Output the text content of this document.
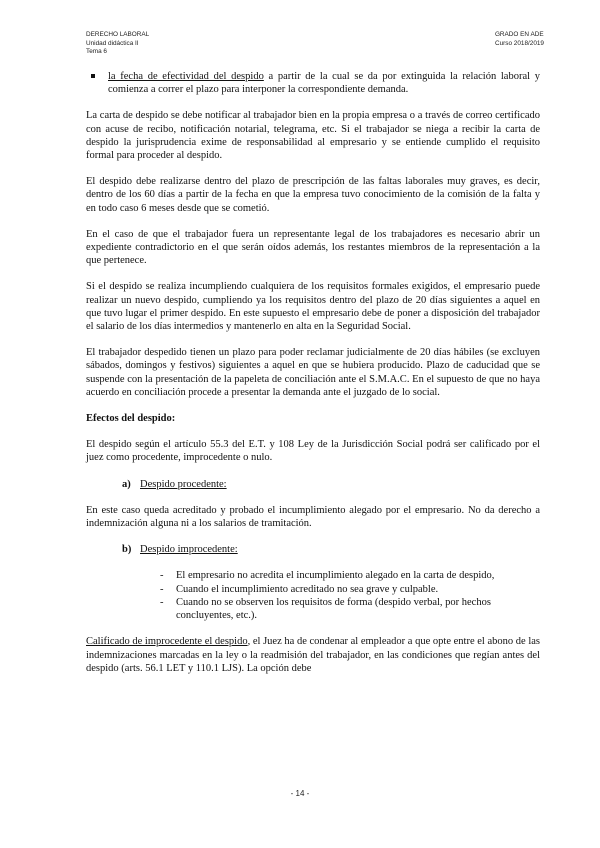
DERECHO LABORAL
Unidad didáctica II
Tema 6
GRADO EN ADE
Curso 2018/2019
la fecha de efectividad del despido a partir de la cual se da por extinguida la relación laboral y comienza a correr el plazo para interponer la correspondiente demanda.

La carta de despido se debe notificar al trabajador bien en la propia empresa o a través de correo certificado con acuse de recibo, notificación notarial, telegrama, etc. Si el trabajador se niega a recibir la carta de despido la jurisprudencia exime de responsabilidad al empresario y se entiende cumplido el requisito formal para proceder al despido.

El despido debe realizarse dentro del plazo de prescripción de las faltas laborales muy graves, es decir, dentro de los 60 días a partir de la fecha en que la empresa tuvo conocimiento de la comisión de la falta y en todo caso 6 meses desde que se cometió.

En el caso de que el trabajador fuera un representante legal de los trabajadores es necesario abrir un expediente contradictorio en el que serán oídos además, los restantes miembros de la representación a la que pertenece.

Si el despido se realiza incumpliendo cualquiera de los requisitos formales exigidos, el empresario puede realizar un nuevo despido, cumpliendo ya los requisitos dentro del plazo de 20 días siguientes a aquel en que tuvo lugar el primer despido. En este supuesto el empresario debe de poner a disposición del trabajador el salario de los días intermedios y mantenerlo en alta en la Seguridad Social.

El trabajador despedido tienen un plazo para poder reclamar judicialmente de 20 días hábiles (se excluyen sábados, domingos y festivos) siguientes a aquel en que se hubiera producido. Plazo de caducidad que se suspende con la presentación de la papeleta de conciliación ante el S.M.A.C. En el supuesto de que no haya acuerdo en conciliación procede a presentar la demanda ante el juzgado de lo social.

Efectos del despido:

El despido según el artículo 55.3 del E.T. y 108 Ley de la Jurisdicción Social podrá ser calificado por el juez como procedente, improcedente o nulo.

a) Despido procedente:

En este caso queda acreditado y probado el incumplimiento alegado por el empresario. No da derecho a indemnización alguna ni a los salarios de tramitación.

b) Despido improcedente:
- El empresario no acredita el incumplimiento alegado en la carta de despido,
- Cuando el incumplimiento acreditado no sea grave y culpable.
- Cuando no se observen los requisitos de forma (despido verbal, por hechos concluyentes, etc.).

Calificado de improcedente el despido, el Juez ha de condenar al empleador a que opte entre el abono de las indemnizaciones marcadas en la ley o la readmisión del trabajador, en las condiciones que regían antes del despido (arts. 56.1 LET y 110.1 LJS). La opción debe

- 14 -
